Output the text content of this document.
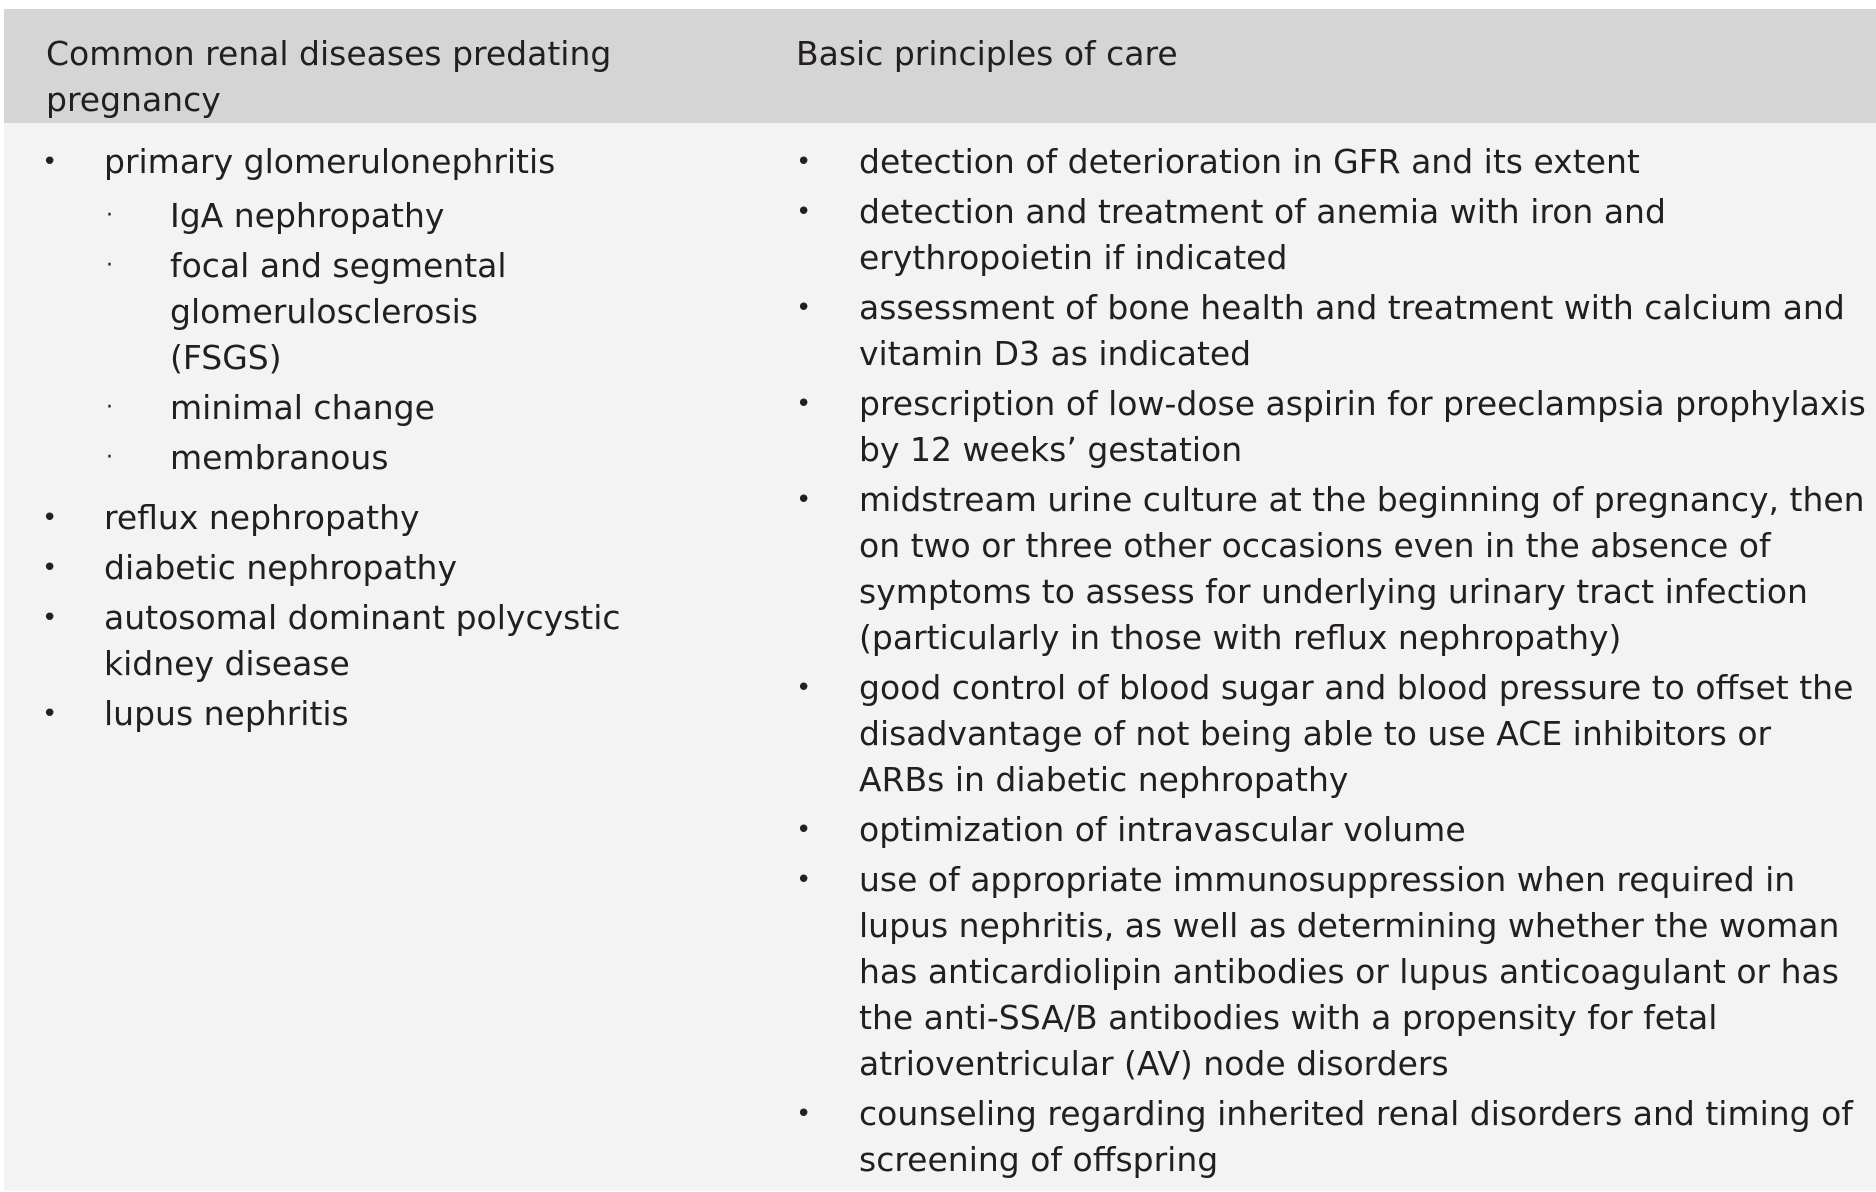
Common renal diseases predating pregnancy
Basic principles of care
• primary glomerulonephritis
· IgA nephropathy
· focal and segmental glomerulosclerosis (FSGS)
· minimal change
· membranous
• reflux nephropathy
• diabetic nephropathy
• autosomal dominant polycystic kidney disease
• lupus nephritis
• detection of deterioration in GFR and its extent
• detection and treatment of anemia with iron and erythropoietin if indicated
• assessment of bone health and treatment with calcium and vitamin D3 as indicated
• prescription of low-dose aspirin for preeclampsia prophylaxis by 12 weeks’ gestation
• midstream urine culture at the beginning of pregnancy, then on two or three other occasions even in the absence of symptoms to assess for underlying urinary tract infection (particularly in those with reflux nephropathy)
• good control of blood sugar and blood pressure to offset the disadvantage of not being able to use ACE inhibitors or ARBs in diabetic nephropathy
• optimization of intravascular volume
• use of appropriate immunosuppression when required in lupus nephritis, as well as determining whether the woman has anticardiolipin antibodies or lupus anticoagulant or has the anti-SSA/B antibodies with a propensity for fetal atrioventricular (AV) node disorders
• counseling regarding inherited renal disorders and timing of screening of offspring
